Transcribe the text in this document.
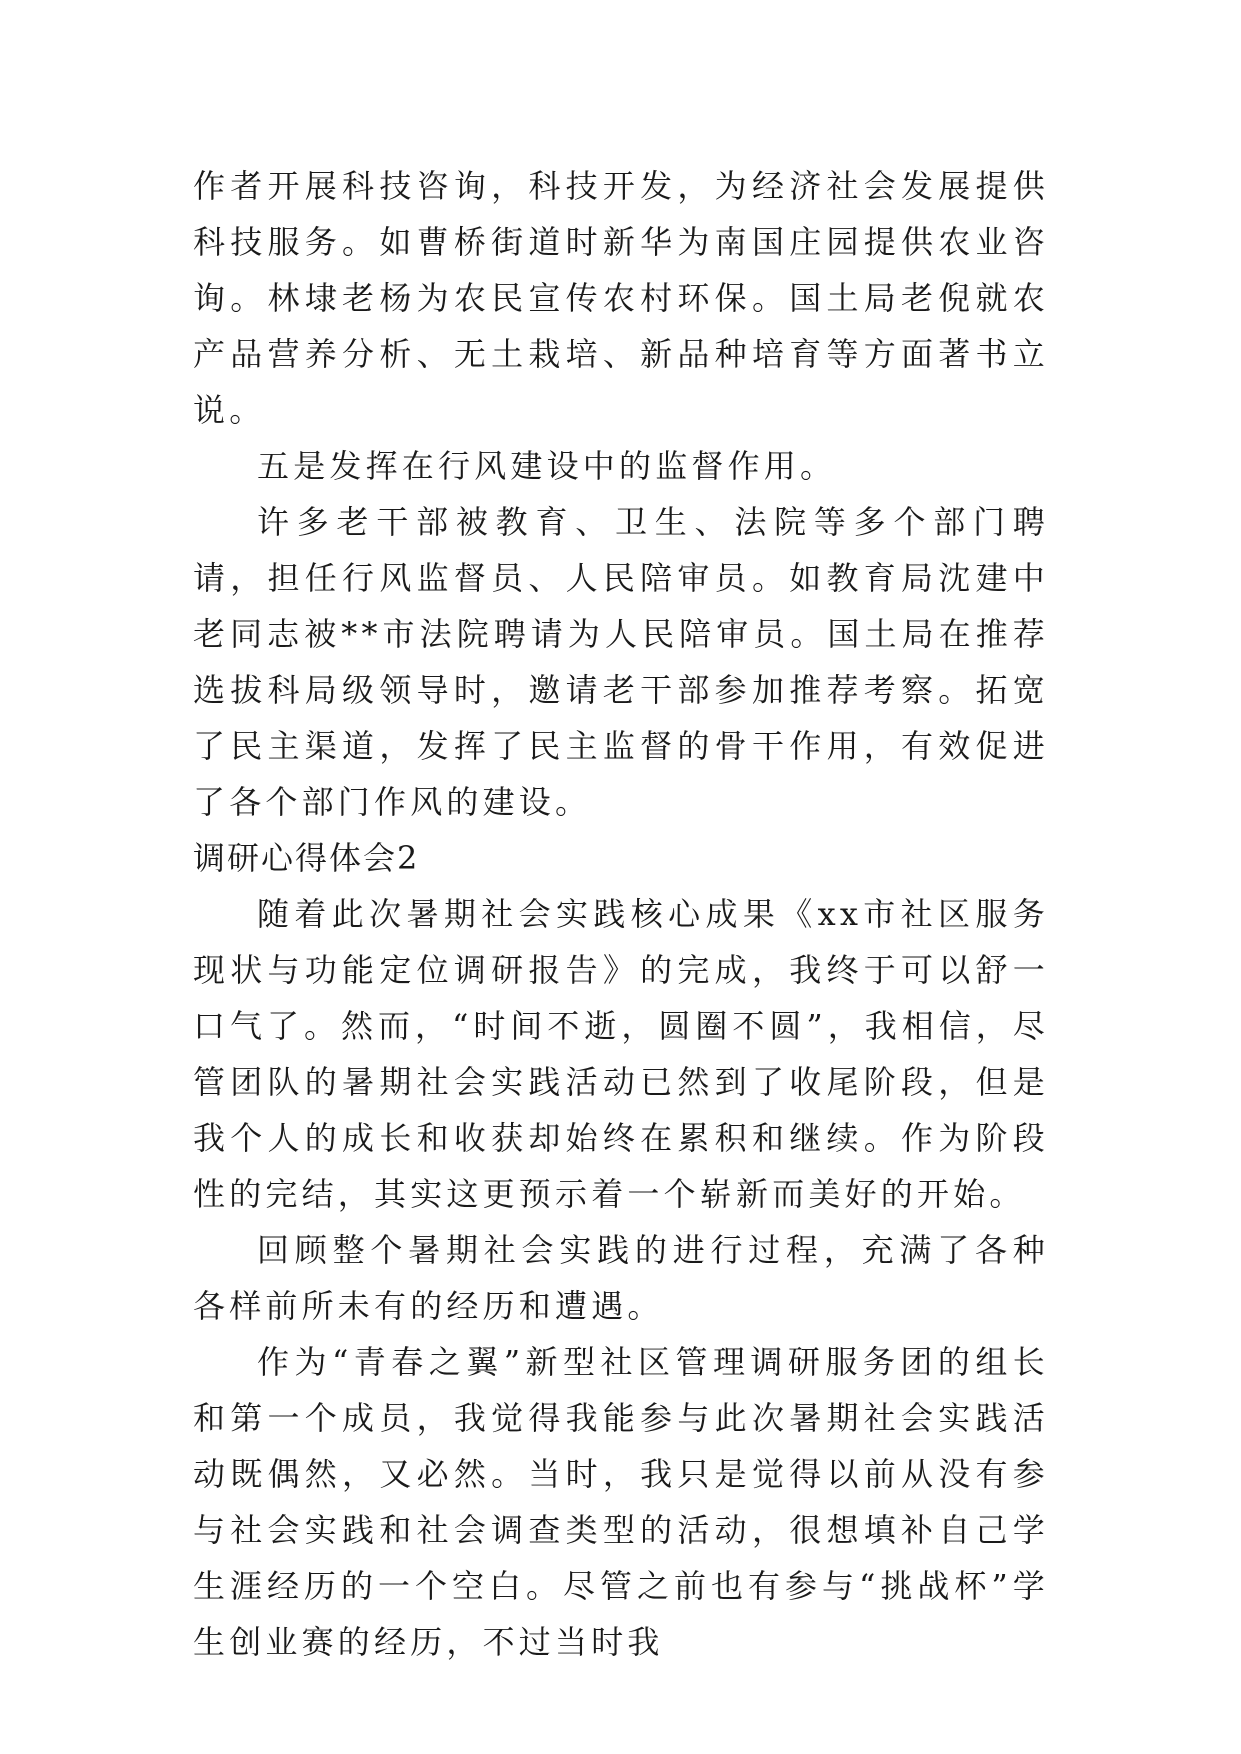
作者开展科技咨询，科技开发，为经济社会发展提供科技服务。如曹桥街道时新华为南国庄园提供农业咨询。林埭老杨为农民宣传农村环保。国土局老倪就农产品营养分析、无土栽培、新品种培育等方面著书立说。

五是发挥在行风建设中的监督作用。

许多老干部被教育、卫生、法院等多个部门聘请，担任行风监督员、人民陪审员。如教育局沈建中老同志被**市法院聘请为人民陪审员。国土局在推荐选拔科局级领导时，邀请老干部参加推荐考察。拓宽了民主渠道，发挥了民主监督的骨干作用，有效促进了各个部门作风的建设。

调研心得体会2

随着此次暑期社会实践核心成果《xx市社区服务现状与功能定位调研报告》的完成，我终于可以舒一口气了。然而，“时间不逝，圆圈不圆”，我相信，尽管团队的暑期社会实践活动已然到了收尾阶段，但是我个人的成长和收获却始终在累积和继续。作为阶段性的完结，其实这更预示着一个崭新而美好的开始。

回顾整个暑期社会实践的进行过程，充满了各种各样前所未有的经历和遭遇。

作为“青春之翼”新型社区管理调研服务团的组长和第一个成员，我觉得我能参与此次暑期社会实践活动既偶然，又必然。当时，我只是觉得以前从没有参与社会实践和社会调查类型的活动，很想填补自己学生涯经历的一个空白。尽管之前也有参与“挑战杯”学生创业赛的经历，不过当时我
